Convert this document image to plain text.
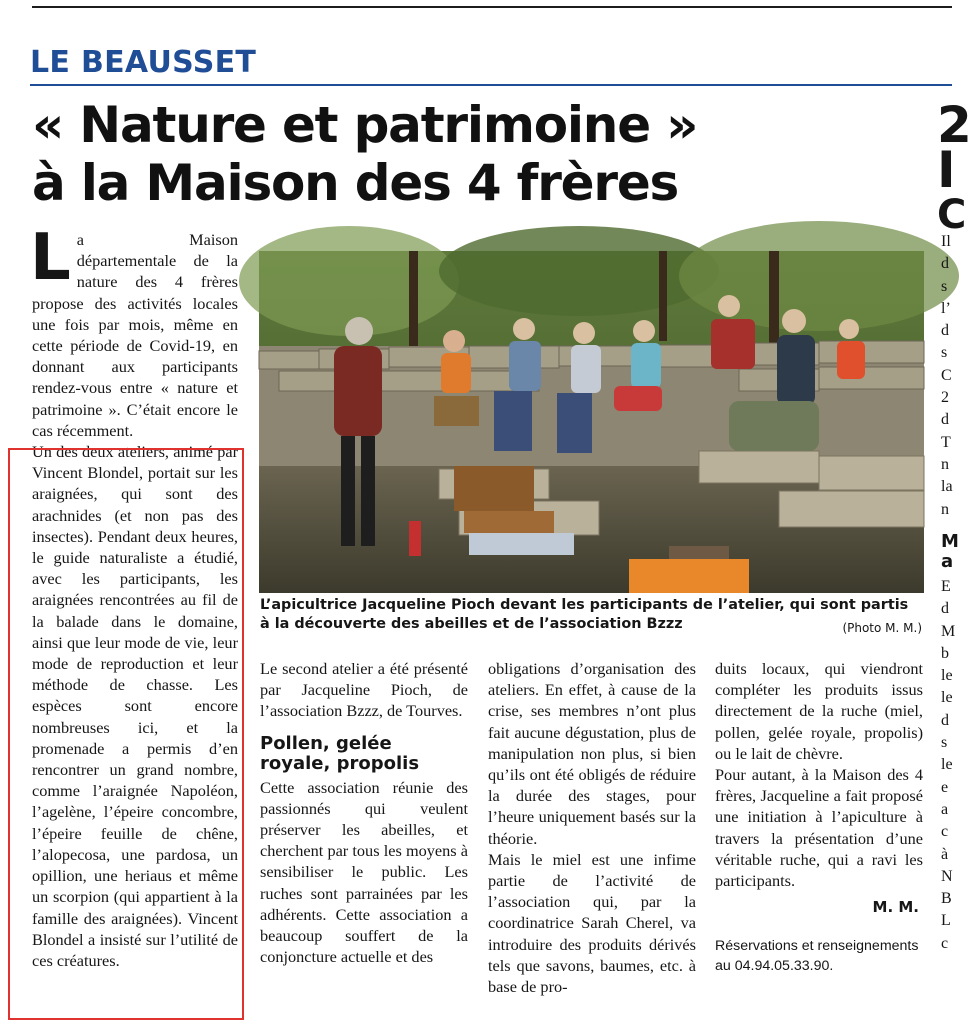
LE BEAUSSET
« Nature et patrimoine »
à la Maison des 4 frères

La Maison départementale de la nature des 4 frères propose des activités locales une fois par mois, même en cette période de Covid-19, en donnant aux participants rendez-vous entre « nature et patrimoine ». C’était encore le cas récemment.

Un des deux ateliers, animé par Vincent Blondel, portait sur les araignées, qui sont des arachnides (et non pas des insectes). Pendant deux heures, le guide naturaliste a étudié, avec les participants, les araignées rencontrées au fil de la balade dans le domaine, ainsi que leur mode de vie, leur mode de reproduction et leur méthode de chasse. Les espèces sont encore nombreuses ici, et la promenade a permis d’en rencontrer un grand nombre, comme l’araignée Napoléon, l’agelène, l’épeire concombre, l’épeire feuille de chêne, l’alopecosa, une pardosa, un opillion, une heriaus et même un scorpion (qui appartient à la famille des araignées). Vincent Blondel a insisté sur l’utilité de ces créatures.

L’apicultrice Jacqueline Pioch devant les participants de l’atelier, qui sont partis à la découverte des abeilles et de l’association Bzzz	(Photo M. M.)

Le second atelier a été présenté par Jacqueline Pioch, de l’association Bzzz, de Tourves.

Pollen, gelée royale, propolis

Cette association réunie des passionnés qui veulent préserver les abeilles, et cherchent par tous les moyens à sensibiliser le public. Les ruches sont parrainées par les adhérents. Cette association a beaucoup souffert de la conjoncture actuelle et des

obligations d’organisation des ateliers. En effet, à cause de la crise, ses membres n’ont plus fait aucune dégustation, plus de manipulation non plus, si bien qu’ils ont été obligés de réduire la durée des stages, pour l’heure uniquement basés sur la théorie.

Mais le miel est une infime partie de l’activité de l’association qui, par la coordinatrice Sarah Cherel, va introduire des produits dérivés tels que savons, baumes, etc. à base de pro-

duits locaux, qui viendront compléter les produits issus directement de la ruche (miel, pollen, gelée royale, propolis) ou le lait de chèvre.

Pour autant, à la Maison des 4 frères, Jacqueline a fait proposé une initiation à l’apiculture à travers la présentation d’une véritable ruche, qui a ravi les participants.

M. M.
Réservations et renseignements au 04.94.05.33.90.
2
I
C
Il
d
s
l’
d
s
C
2
d
T
n
la
n
M
a
E
d
M
b
le
le
d
s
le
e
a
c
à
N
B
L
c
